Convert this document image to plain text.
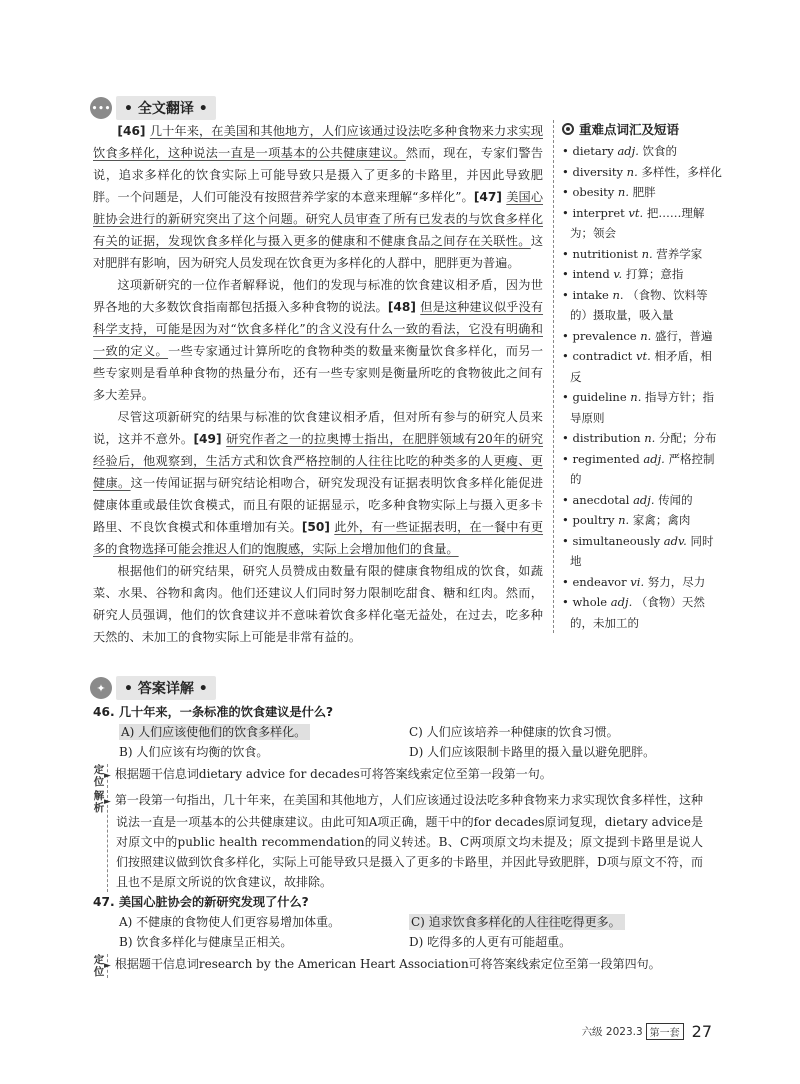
••• • 全文翻译 •

[46] 几十年来，在美国和其他地方，人们应该通过设法吃多种食物来力求实现饮食多样化，这种说法一直是一项基本的公共健康建议。然而，现在，专家们警告说，追求多样化的饮食实际上可能导致只是摄入了更多的卡路里，并因此导致肥胖。一个问题是，人们可能没有按照营养学家的本意来理解“多样化”。[47] 美国心脏协会进行的新研究突出了这个问题。研究人员审查了所有已发表的与饮食多样化有关的证据，发现饮食多样化与摄入更多的健康和不健康食品之间存在关联性。这对肥胖有影响，因为研究人员发现在饮食更为多样化的人群中，肥胖更为普遍。

这项新研究的一位作者解释说，他们的发现与标准的饮食建议相矛盾，因为世界各地的大多数饮食指南都包括摄入多种食物的说法。[48] 但是这种建议似乎没有科学支持，可能是因为对“饮食多样化”的含义没有什么一致的看法，它没有明确和一致的定义。一些专家通过计算所吃的食物种类的数量来衡量饮食多样化，而另一些专家则是看单种食物的热量分布，还有一些专家则是衡量所吃的食物彼此之间有多大差异。

尽管这项新研究的结果与标准的饮食建议相矛盾，但对所有参与的研究人员来说，这并不意外。[49] 研究作者之一的拉奥博士指出，在肥胖领域有20年的研究经验后，他观察到，生活方式和饮食严格控制的人往往比吃的种类多的人更瘦、更健康。这一传闻证据与研究结论相吻合，研究发现没有证据表明饮食多样化能促进健康体重或最佳饮食模式，而且有限的证据显示，吃多种食物实际上与摄入更多卡路里、不良饮食模式和体重增加有关。[50] 此外，有一些证据表明，在一餐中有更多的食物选择可能会推迟人们的饱腹感，实际上会增加他们的食量。

根据他们的研究结果，研究人员赞成由数量有限的健康食物组成的饮食，如蔬菜、水果、谷物和禽肉。他们还建议人们同时努力限制吃甜食、糖和红肉。然而，研究人员强调，他们的饮食建议并不意味着饮食多样化毫无益处，在过去，吃多种天然的、未加工的食物实际上可能是非常有益的。

重难点词汇及短语
• dietary adj. 饮食的
• diversity n. 多样性，多样化
• obesity n. 肥胖
• interpret vt. 把……理解为；领会
• nutritionist n. 营养学家
• intend v. 打算；意指
• intake n. （食物、饮料等的）摄取量，吸入量
• prevalence n. 盛行，普遍
• contradict vt. 相矛盾，相反
• guideline n. 指导方针；指导原则
• distribution n. 分配；分布
• regimented adj. 严格控制的
• anecdotal adj. 传闻的
• poultry n. 家禽；禽肉
• simultaneously adv. 同时地
• endeavor vi. 努力，尽力
• whole adj. （食物）天然的，未加工的
✦	• 答案详解 •
46. 几十年来，一条标准的饮食建议是什么?
A) 人们应该使他们的饮食多样化。	C) 人们应该培养一种健康的饮食习惯。
B) 人们应该有均衡的饮食。	D) 人们应该限制卡路里的摄入量以避免肥胖。
定位 ► 根据题干信息词dietary advice for decades可将答案线索定位至第一段第一句。
解析 ► 第一段第一句指出，几十年来，在美国和其他地方，人们应该通过设法吃多种食物来力求实现饮食多样性，这种说法一直是一项基本的公共健康建议。由此可知A项正确，题干中的for decades原词复现，dietary advice是对原文中的public health recommendation的同义转述。B、C两项原文均未提及；原文提到卡路里是说人们按照建议做到饮食多样化，实际上可能导致只是摄入了更多的卡路里，并因此导致肥胖，D项与原文不符，而且也不是原文所说的饮食建议，故排除。
47. 美国心脏协会的新研究发现了什么?
A) 不健康的食物使人们更容易增加体重。	C) 追求饮食多样化的人往往吃得更多。
B) 饮食多样化与健康呈正相关。	D) 吃得多的人更有可能超重。
定位 ► 根据题干信息词research by the American Heart Association可将答案线索定位至第一段第四句。
六级 2023.3 第一套 27
